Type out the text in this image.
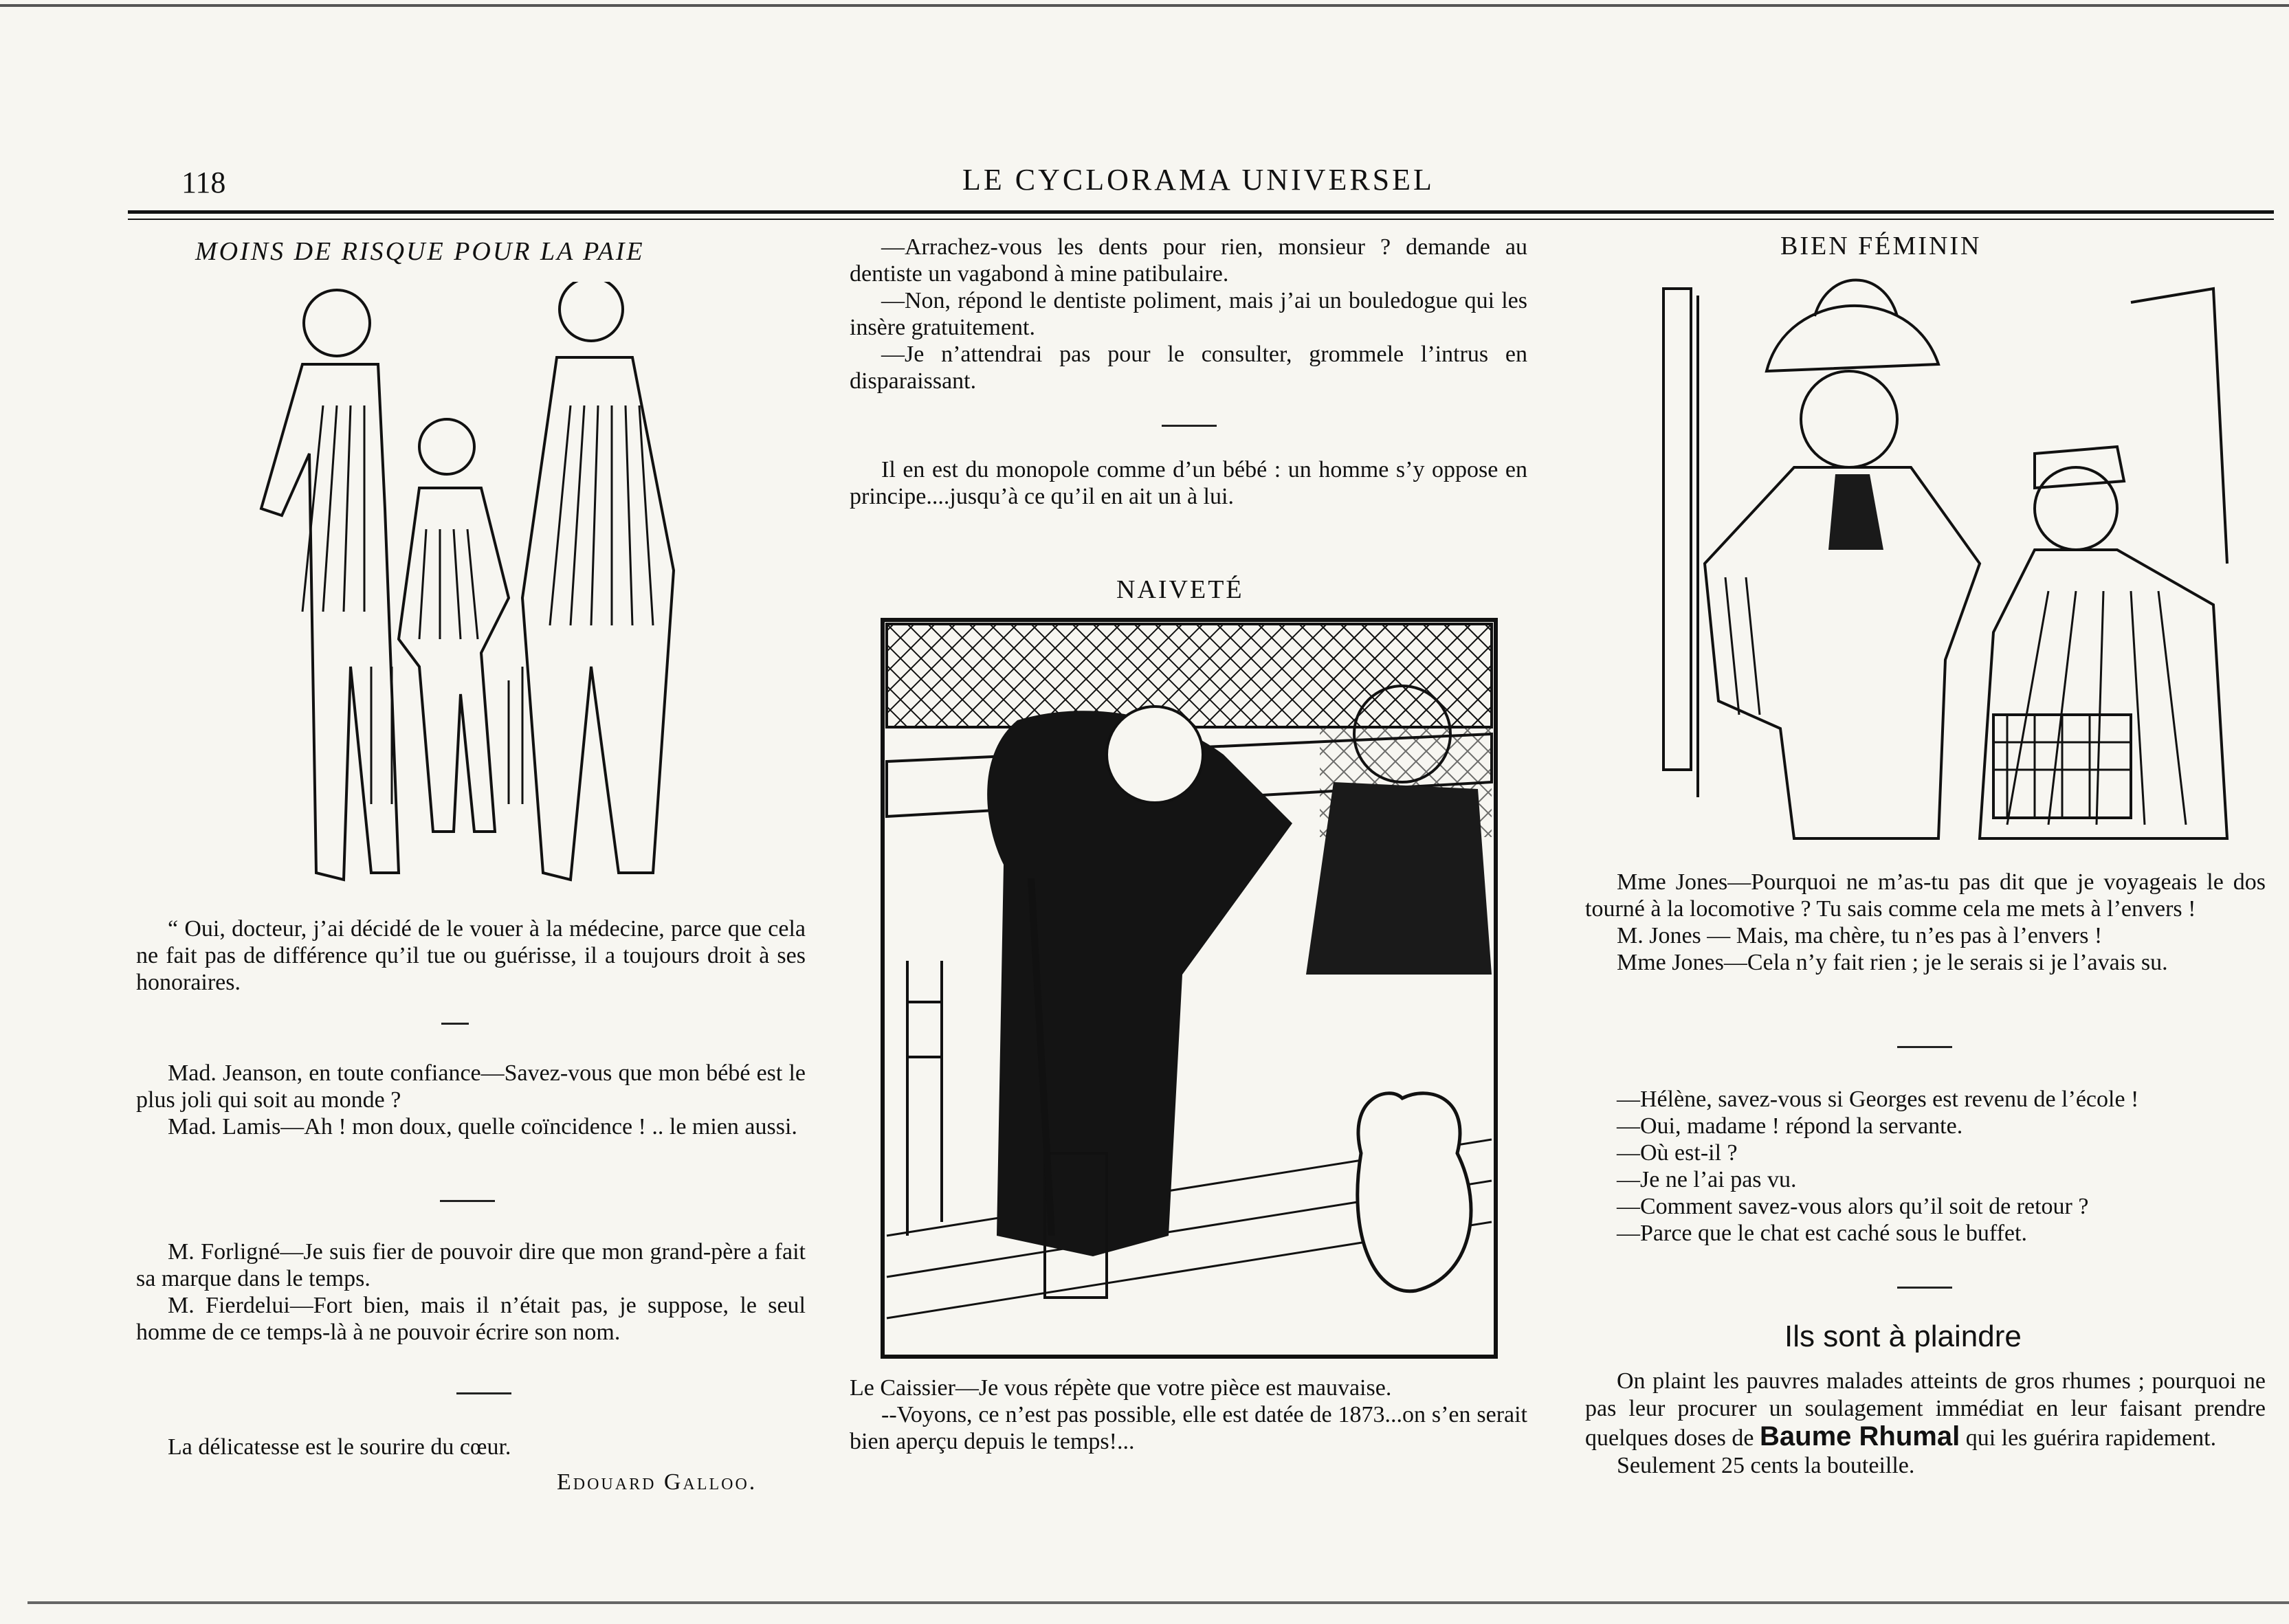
118	LE CYCLORAMA UNIVERSEL
MOINS DE RISQUE POUR LA PAIE

“ Oui, docteur, j’ai décidé de le vouer à la médecine, parce que cela ne fait pas de différence qu’il tue ou guérisse, il a toujours droit à ses honoraires.

Mad. Jeanson, en toute confiance—Savez-vous que mon bébé est le plus joli qui soit au monde ?

Mad. Lamis—Ah ! mon doux, quelle coïncidence ! .. le mien aussi.

M. Forligné—Je suis fier de pouvoir dire que mon grand-père a fait sa marque dans le temps.

M. Fierdelui—Fort bien, mais il n’était pas, je suppose, le seul homme de ce temps-là à ne pouvoir écrire son nom.

La délicatesse est le sourire du cœur.

Edouard Galloo.

—Arrachez-vous les dents pour rien, monsieur ? demande au dentiste un vagabond à mine patibulaire.

—Non, répond le dentiste poliment, mais j’ai un bouledogue qui les insère gratuitement.

—Je n’attendrai pas pour le consulter, grommele l’intrus en disparaissant.

Il en est du monopole comme d’un bébé : un homme s’y oppose en principe....jusqu’à ce qu’il en ait un à lui.

NAIVETÉ

Le Caissier—Je vous répète que votre pièce est mauvaise.

--Voyons, ce n’est pas possible, elle est datée de 1873...on s’en serait bien aperçu depuis le temps!...

BIEN FÉMININ

Mme Jones—Pourquoi ne m’as-tu pas dit que je voyageais le dos tourné à la locomotive ? Tu sais comme cela me mets à l’envers !

M. Jones — Mais, ma chère, tu n’es pas à l’envers !

Mme Jones—Cela n’y fait rien ; je le serais si je l’avais su.

—Hélène, savez-vous si Georges est revenu de l’école !

—Oui, madame ! répond la servante.

—Où est-il ?

—Je ne l’ai pas vu.

—Comment savez-vous alors qu’il soit de retour ?

—Parce que le chat est caché sous le buffet.

Ils sont à plaindre

On plaint les pauvres malades atteints de gros rhumes ; pourquoi ne pas leur procurer un soulagement immédiat en leur faisant prendre quelques doses de Baume Rhumal qui les guérira rapidement.

Seulement 25 cents la bouteille.
